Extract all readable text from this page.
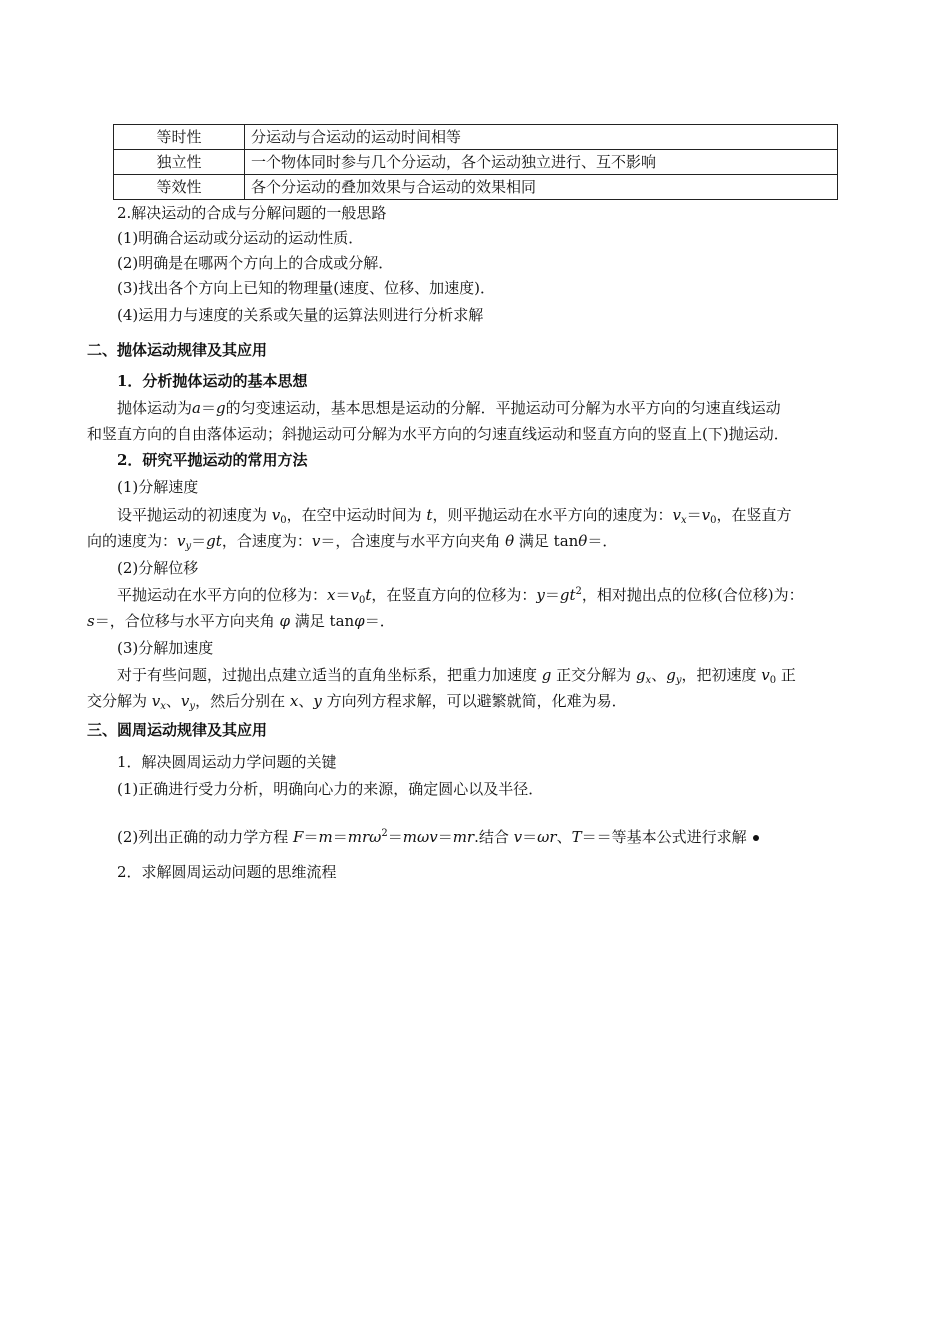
等时性	分运动与合运动的运动时间相等
独立性	一个物体同时参与几个分运动，各个运动独立进行、互不影响
等效性	各个分运动的叠加效果与合运动的效果相同
2.解决运动的合成与分解问题的一般思路
(1)明确合运动或分运动的运动性质．
(2)明确是在哪两个方向上的合成或分解．
(3)找出各个方向上已知的物理量(速度、位移、加速度)．
(4)运用力与速度的关系或矢量的运算法则进行分析求解
二、抛体运动规律及其应用
1．分析抛体运动的基本思想
抛体运动为a＝g的匀变速运动，基本思想是运动的分解．平抛运动可分解为水平方向的匀速直线运动
和竖直方向的自由落体运动；斜抛运动可分解为水平方向的匀速直线运动和竖直方向的竖直上(下)抛运动．
2．研究平抛运动的常用方法
(1)分解速度
设平抛运动的初速度为 $v_0$，在空中运动时间为 t，则平抛运动在水平方向的速度为：$v_x=v_0$，在竖直方
向的速度为：$v_y=gt$，合速度为：v＝，合速度与水平方向夹角 θ 满足 tanθ＝．
(2)分解位移
平抛运动在水平方向的位移为：$x=v_0t$，在竖直方向的位移为：$y=gt^2$，相对抛出点的位移(合位移)为：
s＝，合位移与水平方向夹角 φ 满足 tanφ＝．
(3)分解加速度
对于有些问题，过抛出点建立适当的直角坐标系，把重力加速度 g 正交分解为 $g_x$、$g_y$，把初速度 $v_0$ 正
交分解为 $v_x$、$v_y$，然后分别在 x、y 方向列方程求解，可以避繁就简，化难为易．
三、圆周运动规律及其应用
1．解决圆周运动力学问题的关键
(1)正确进行受力分析，明确向心力的来源，确定圆心以及半径．
(2)列出正确的动力学方程 F＝m＝mrω$^2$＝mωv＝mr.结合 v＝ωr、T＝＝等基本公式进行求解
2．求解圆周运动问题的思维流程
